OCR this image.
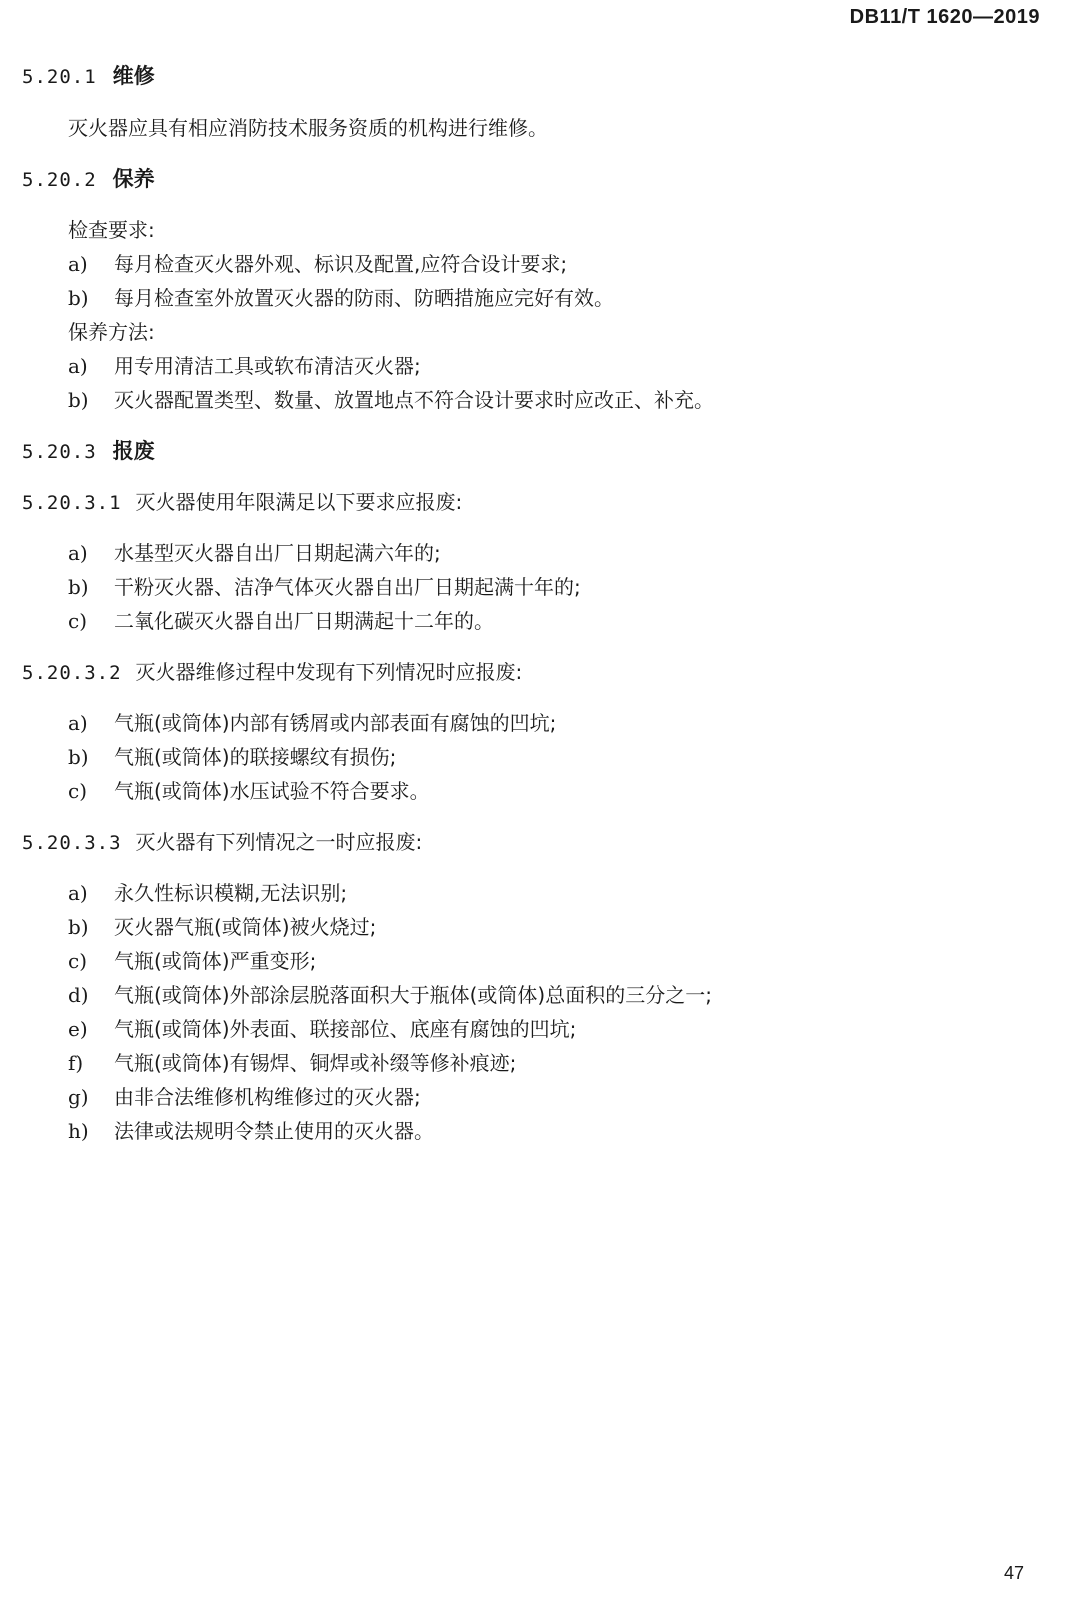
DB11/T 1620—2019
5.20.1 维修
灭火器应具有相应消防技术服务资质的机构进行维修。
5.20.2 保养
检查要求:
a) 每月检查灭火器外观、标识及配置,应符合设计要求;
b) 每月检查室外放置灭火器的防雨、防晒措施应完好有效。
保养方法:
a) 用专用清洁工具或软布清洁灭火器;
b) 灭火器配置类型、数量、放置地点不符合设计要求时应改正、补充。
5.20.3 报废
5.20.3.1 灭火器使用年限满足以下要求应报废:
a) 水基型灭火器自出厂日期起满六年的;
b) 干粉灭火器、洁净气体灭火器自出厂日期起满十年的;
c) 二氧化碳灭火器自出厂日期满起十二年的。
5.20.3.2 灭火器维修过程中发现有下列情况时应报废:
a) 气瓶(或筒体)内部有锈屑或内部表面有腐蚀的凹坑;
b) 气瓶(或筒体)的联接螺纹有损伤;
c) 气瓶(或筒体)水压试验不符合要求。
5.20.3.3 灭火器有下列情况之一时应报废:
a) 永久性标识模糊,无法识别;
b) 灭火器气瓶(或筒体)被火烧过;
c) 气瓶(或筒体)严重变形;
d) 气瓶(或筒体)外部涂层脱落面积大于瓶体(或筒体)总面积的三分之一;
e) 气瓶(或筒体)外表面、联接部位、底座有腐蚀的凹坑;
f) 气瓶(或筒体)有锡焊、铜焊或补缀等修补痕迹;
g) 由非合法维修机构维修过的灭火器;
h) 法律或法规明令禁止使用的灭火器。
47
